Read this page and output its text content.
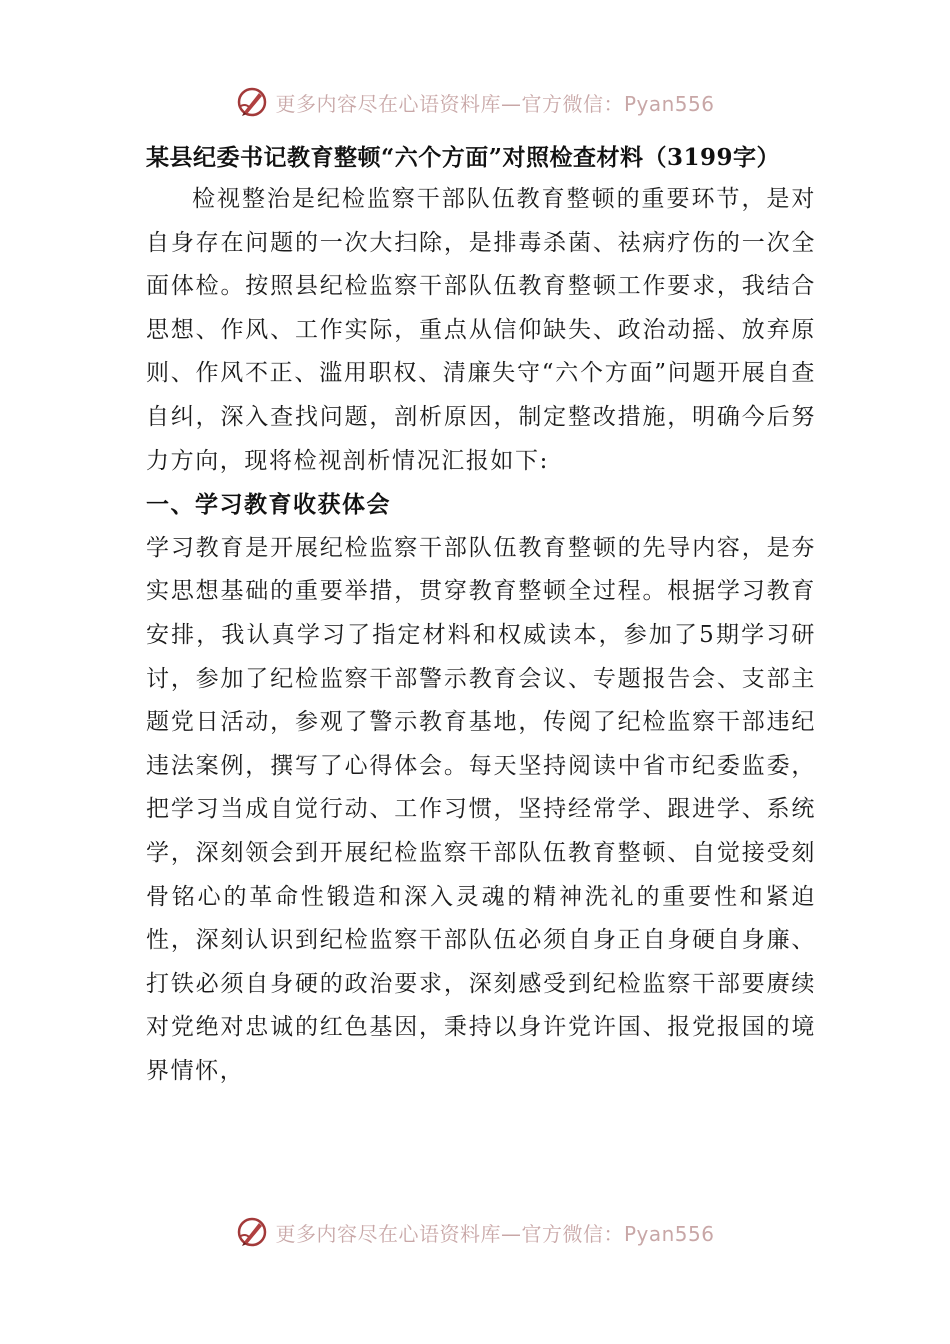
更多内容尽在心语资料库—官方微信：Pyan556
某县纪委书记教育整顿“六个方面”对照检查材料（3199字）

检视整治是纪检监察干部队伍教育整顿的重要环节，是对自身存在问题的一次大扫除，是排毒杀菌、祛病疗伤的一次全面体检。按照县纪检监察干部队伍教育整顿工作要求，我结合思想、作风、工作实际，重点从信仰缺失、政治动摇、放弃原则、作风不正、滥用职权、清廉失守“六个方面”问题开展自查自纠，深入查找问题，剖析原因，制定整改措施，明确今后努力方向，现将检视剖析情况汇报如下:

一、学习教育收获体会

学习教育是开展纪检监察干部队伍教育整顿的先导内容，是夯实思想基础的重要举措，贯穿教育整顿全过程。根据学习教育安排，我认真学习了指定材料和权威读本，参加了5期学习研讨，参加了纪检监察干部警示教育会议、专题报告会、支部主题党日活动，参观了警示教育基地，传阅了纪检监察干部违纪违法案例，撰写了心得体会。每天坚持阅读中省市纪委监委，把学习当成自觉行动、工作习惯，坚持经常学、跟进学、系统学，深刻领会到开展纪检监察干部队伍教育整顿、自觉接受刻骨铭心的革命性锻造和深入灵魂的精神洗礼的重要性和紧迫性，深刻认识到纪检监察干部队伍必须自身正自身硬自身廉、打铁必须自身硬的政治要求，深刻感受到纪检监察干部要赓续对党绝对忠诚的红色基因，秉持以身许党许国、报党报国的境界情怀，

更多内容尽在心语资料库—官方微信：Pyan556
